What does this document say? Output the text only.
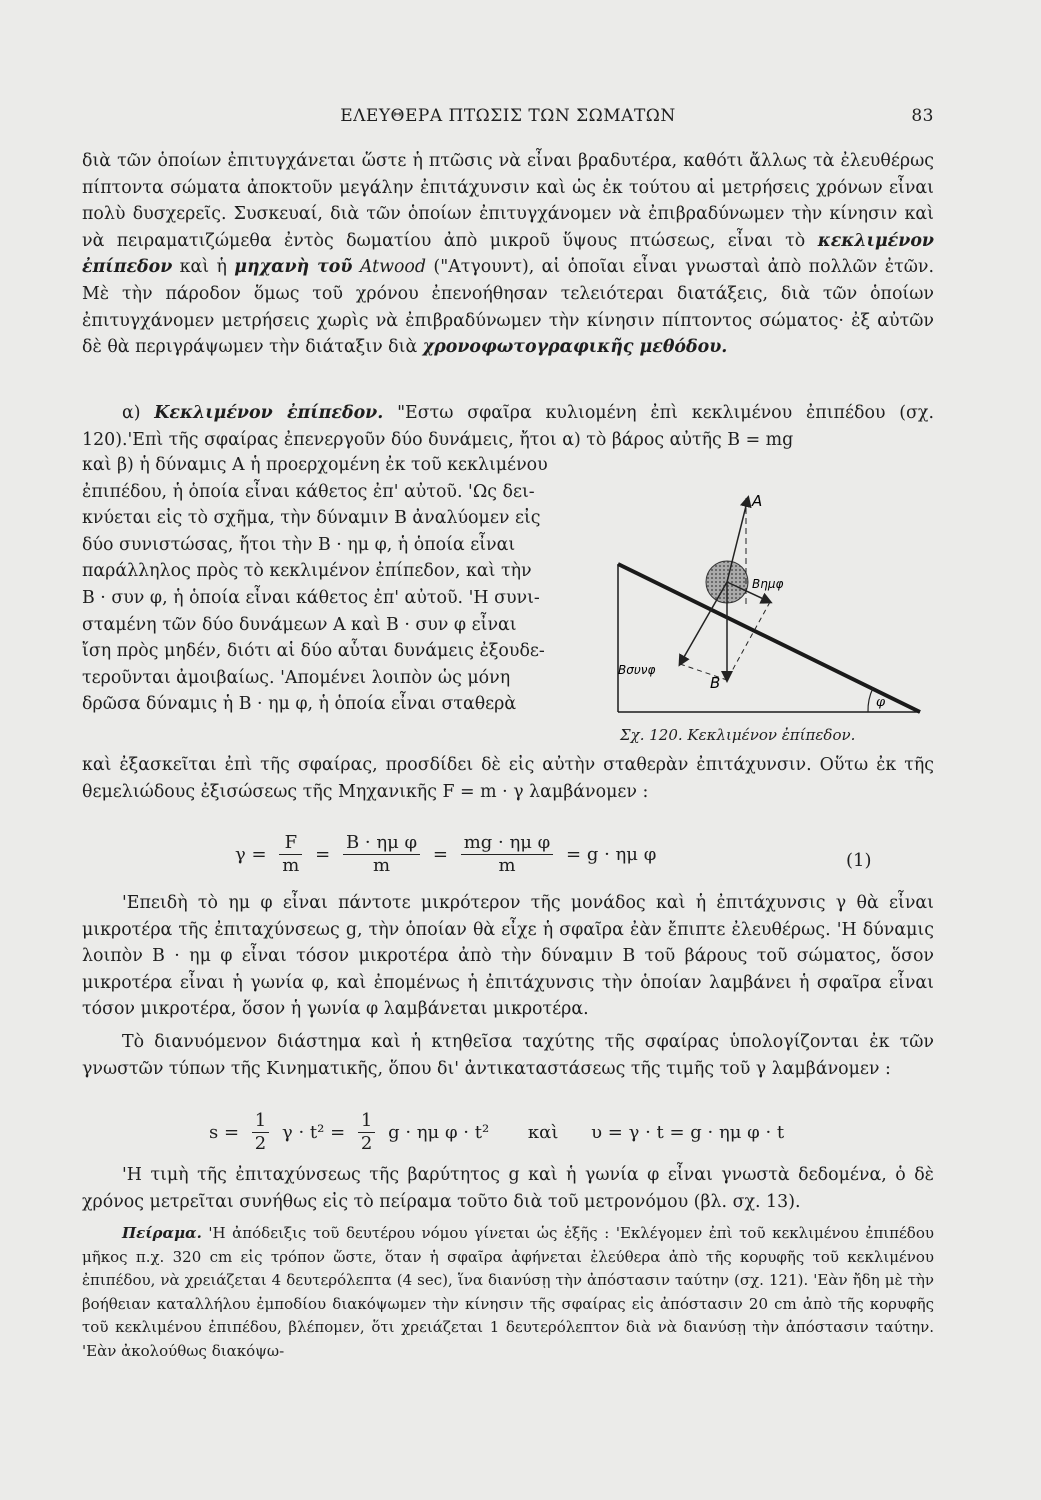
ΕΛΕΥΘΕΡΑ ΠΤΩΣΙΣ ΤΩΝ ΣΩΜΑΤΩΝ	83

διὰ τῶν ὁποίων ἐπιτυγχάνεται ὥστε ἡ πτῶσις νὰ εἶναι βραδυτέρα, καθότι ἄλλως τὰ ἐλευθέρως πίπτοντα σώματα ἀποκτοῦν μεγάλην ἐπιτάχυνσιν καὶ ὡς ἐκ τούτου αἱ μετρήσεις χρόνων εἶναι πολὺ δυσχερεῖς. Συσκευαί, διὰ τῶν ὁποίων ἐπιτυγχάνομεν νὰ ἐπιβραδύνωμεν τὴν κίνησιν καὶ νὰ πειραματιζώμεθα ἐντὸς δωματίου ἀπὸ μικροῦ ὕψους πτώσεως, εἶναι τὸ κεκλιμένον ἐπίπεδον καὶ ἡ μηχανὴ τοῦ Atwood ("Ατγουντ), αἱ ὁποῖαι εἶναι γνωσταὶ ἀπὸ πολλῶν ἐτῶν. Μὲ τὴν πάροδον ὅμως τοῦ χρόνου ἐπενοήθησαν τελειότεραι διατάξεις, διὰ τῶν ὁποίων ἐπιτυγχάνομεν μετρήσεις χωρὶς νὰ ἐπιβραδύνωμεν τὴν κίνησιν πίπτοντος σώματος· ἐξ αὐτῶν δὲ θὰ περιγράψωμεν τὴν διάταξιν διὰ χρονοφωτογραφικῆς μεθόδου.

α) Κεκλιμένον ἐπίπεδον. "Εστω σφαῖρα κυλιομένη ἐπὶ κεκλιμένου ἐπιπέδου (σχ. 120).'Επὶ τῆς σφαίρας ἐπενεργοῦν δύο δυνάμεις, ἤτοι α) τὸ βάρος αὐτῆς B = mg

καὶ β) ἡ δύναμις A ἡ προερχομένη ἐκ τοῦ κεκλιμένου
ἐπιπέδου, ἡ ὁποία εἶναι κάθετος ἐπ' αὐτοῦ. 'Ως δει-
κνύεται εἰς τὸ σχῆμα, τὴν δύναμιν B ἀναλύομεν εἰς
δύο συνιστώσας, ἤτοι τὴν B · ημ φ, ἡ ὁποία εἶναι
παράλληλος πρὸς τὸ κεκλιμένον ἐπίπεδον, καὶ τὴν
B · συν φ, ἡ ὁποία εἶναι κάθετος ἐπ' αὐτοῦ. 'Η συνι-
σταμένη τῶν δύο δυνάμεων A καὶ B · συν φ εἶναι
ἴση πρὸς μηδέν, διότι αἱ δύο αὗται δυνάμεις ἐξουδε-
τεροῦνται ἀμοιβαίως. 'Απομένει λοιπὸν ὡς μόνη
δρῶσα δύναμις ἡ B · ημ φ, ἡ ὁποία εἶναι σταθερὰ
A
Bημφ
Bσυνφ
B
φ
Σχ. 120. Κεκλιμένον ἐπίπεδον.
καὶ ἐξασκεῖται ἐπὶ τῆς σφαίρας, προσδίδει δὲ εἰς αὐτὴν σταθερὰν ἐπιτάχυνσιν. Οὕτω ἐκ τῆς θεμελιώδους ἐξισώσεως τῆς Μηχανικῆς F = m · γ λαμβάνομεν :
$\gamma = \frac{F}{m} = \frac{\text{B · ημ φ}}{m} = \frac{\text{mg · ημ φ}}{m} = g \cdot \eta\mu$ φ	(1)

'Επειδὴ τὸ ημ φ εἶναι πάντοτε μικρότερον τῆς μονάδος καὶ ἡ ἐπιτάχυνσις γ θὰ εἶναι μικροτέρα τῆς ἐπιταχύνσεως g, τὴν ὁποίαν θὰ εἶχε ἡ σφαῖρα ἐὰν ἔπιπτε ἐλευθέρως. 'Η δύναμις λοιπὸν B · ημ φ εἶναι τόσον μικροτέρα ἀπὸ τὴν δύναμιν B τοῦ βάρους τοῦ σώματος, ὅσον μικροτέρα εἶναι ἡ γωνία φ, καὶ ἐπομένως ἡ ἐπιτάχυνσις τὴν ὁποίαν λαμβάνει ἡ σφαῖρα εἶναι τόσον μικροτέρα, ὅσον ἡ γωνία φ λαμβάνεται μικροτέρα.

Τὸ διανυόμενον διάστημα καὶ ἡ κτηθεῖσα ταχύτης τῆς σφαίρας ὑπολογίζονται ἐκ τῶν γνωστῶν τύπων τῆς Κινηματικῆς, ὅπου δι' ἀντικαταστάσεως τῆς τιμῆς τοῦ γ λαμβάνομεν :

$s = \frac{1}{2}$ $\gamma \cdot t^2 = \frac{1}{2}$ g · ημ φ · t² καὶ υ = γ · t = g · ημ φ · t

'Η τιμὴ τῆς ἐπιταχύνσεως τῆς βαρύτητος g καὶ ἡ γωνία φ εἶναι γνωστὰ δεδομένα, ὁ δὲ χρόνος μετρεῖται συνήθως εἰς τὸ πείραμα τοῦτο διὰ τοῦ μετρονόμου (βλ. σχ. 13).

Πείραμα. 'Η ἀπόδειξις τοῦ δευτέρου νόμου γίνεται ὡς ἑξῆς : 'Εκλέγομεν ἐπὶ τοῦ κεκλιμένου ἐπιπέδου μῆκος π.χ. 320 cm εἰς τρόπον ὥστε, ὅταν ἡ σφαῖρα ἀφήνεται ἐλεύθερα ἀπὸ τῆς κορυφῆς τοῦ κεκλιμένου ἐπιπέδου, νὰ χρειάζεται 4 δευτερόλεπτα (4 sec), ἵνα διανύσῃ τὴν ἀπόστασιν ταύτην (σχ. 121). 'Εὰν ἤδη μὲ τὴν βοήθειαν καταλλήλου ἐμποδίου διακόψωμεν τὴν κίνησιν τῆς σφαίρας εἰς ἀπόστασιν 20 cm ἀπὸ τῆς κορυφῆς τοῦ κεκλιμένου ἐπιπέδου, βλέπομεν, ὅτι χρειάζεται 1 δευτερόλεπτον διὰ νὰ διανύσῃ τὴν ἀπόστασιν ταύτην. 'Εὰν ἀκολούθως διακόψω-
